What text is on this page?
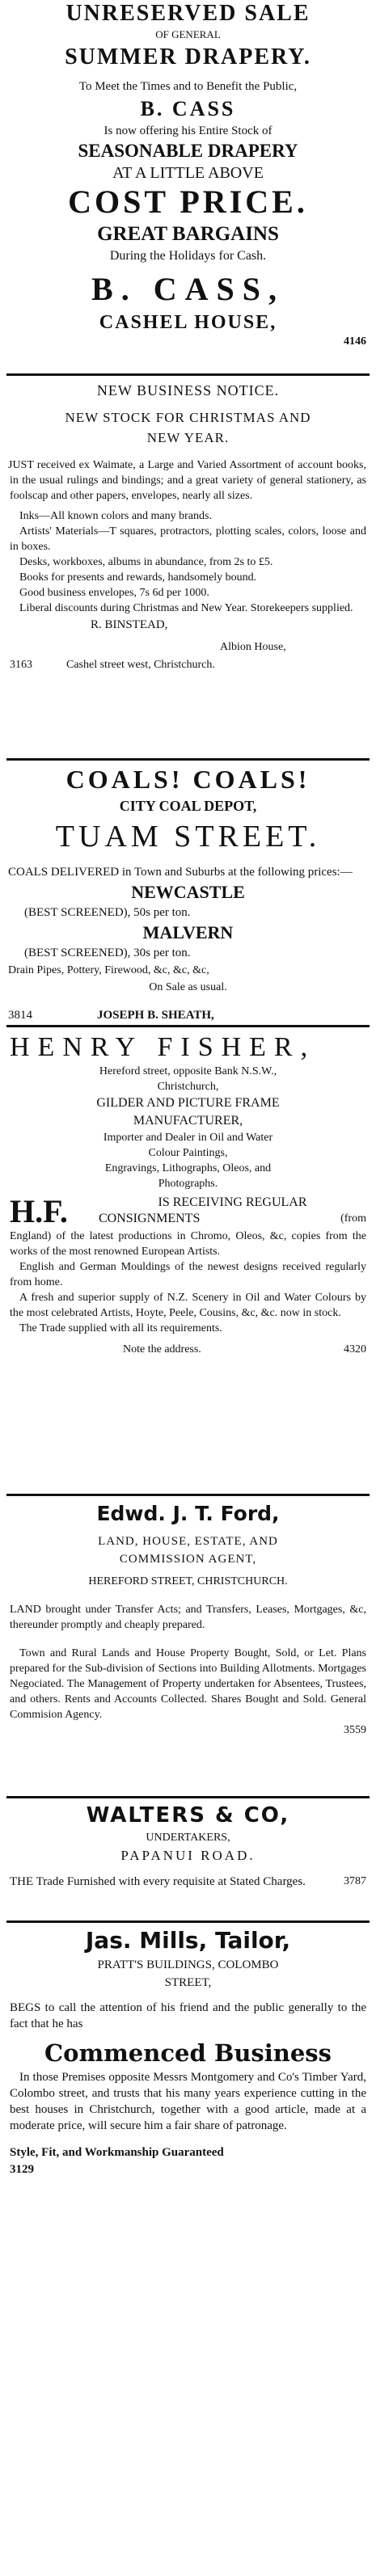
UNRESERVED SALE

OF GENERAL

SUMMER DRAPERY.

To Meet the Times and to Benefit the Public,

B. CASS

Is now offering his Entire Stock of

SEASONABLE DRAPERY

AT A LITTLE ABOVE

COST PRICE.

GREAT BARGAINS

During the Holidays for Cash.

B. CASS,

CASHEL HOUSE,

4146

NEW BUSINESS NOTICE.

NEW STOCK FOR CHRISTMAS AND

NEW YEAR.

JUST received ex Waimate, a Large and Varied Assortment of account books, in the usual rulings and bindings; and a great variety of general stationery, as foolscap and other papers, envelopes, nearly all sizes.

Inks—All known colors and many brands.

Artists' Materials—T squares, protractors, plotting scales, colors, loose and in boxes.

Desks, workboxes, albums in abundance, from 2s to £5.

Books for presents and rewards, handsomely bound.

Good business envelopes, 7s 6d per 1000.

Liberal discounts during Christmas and New Year. Storekeepers supplied.

R. BINSTEAD,

Albion House,

3163	Cashel street west, Christchurch.

COALS! COALS!

CITY COAL DEPOT,

TUAM STREET.

COALS DELIVERED in Town and Suburbs at the following prices:—

NEWCASTLE

(BEST SCREENED), 50s per ton.

MALVERN

(BEST SCREENED), 30s per ton.

Drain Pipes, Pottery, Firewood, &c, &c, &c,

On Sale as usual.

3814	JOSEPH B. SHEATH,

HENRY FISHER,

Hereford street, opposite Bank N.S.W.,

Christchurch,

GILDER AND PICTURE FRAME

MANUFACTURER,

Importer and Dealer in Oil and Water

Colour Paintings,

Engravings, Lithographs, Oleos, and

Photographs.

H.F.	IS RECEIVING REGULAR

CONSIGNMENTS	(from

England) of the latest productions in Chromo, Oleos, &c, copies from the works of the most renowned European Artists.

English and German Mouldings of the newest designs received regularly from home.

A fresh and superior supply of N.Z. Scenery in Oil and Water Colours by the most celebrated Artists, Hoyte, Peele, Cousins, &c, &c. now in stock.

The Trade supplied with all its requirements.

Note the address.	4320

Edwd. J. T. Ford,

LAND, HOUSE, ESTATE, AND

COMMISSION AGENT,

HEREFORD STREET, CHRISTCHURCH.

LAND brought under Transfer Acts; and Transfers, Leases, Mortgages, &c, thereunder promptly and cheaply prepared.

Town and Rural Lands and House Property Bought, Sold, or Let. Plans prepared for the Sub-division of Sections into Building Allotments. Mortgages Negociated. The Management of Property undertaken for Absentees, Trustees, and others. Rents and Accounts Collected. Shares Bought and Sold. General Commision Agency.

3559

WALTERS & CO,

UNDERTAKERS,

PAPANUI ROAD.

THE Trade Furnished with every requisite at Stated Charges.	3787

Jas. Mills, Tailor,

PRATT'S BUILDINGS, COLOMBO

STREET,

BEGS to call the attention of his friend and the public generally to the fact that he has

Commenced Business

In those Premises opposite Messrs Montgomery and Co's Timber Yard, Colombo street, and trusts that his many years experience cutting in the best houses in Christchurch, together with a good article, made at a moderate price, will secure him a fair share of patronage.

Style, Fit, and Workmanship Guaranteed

3129
